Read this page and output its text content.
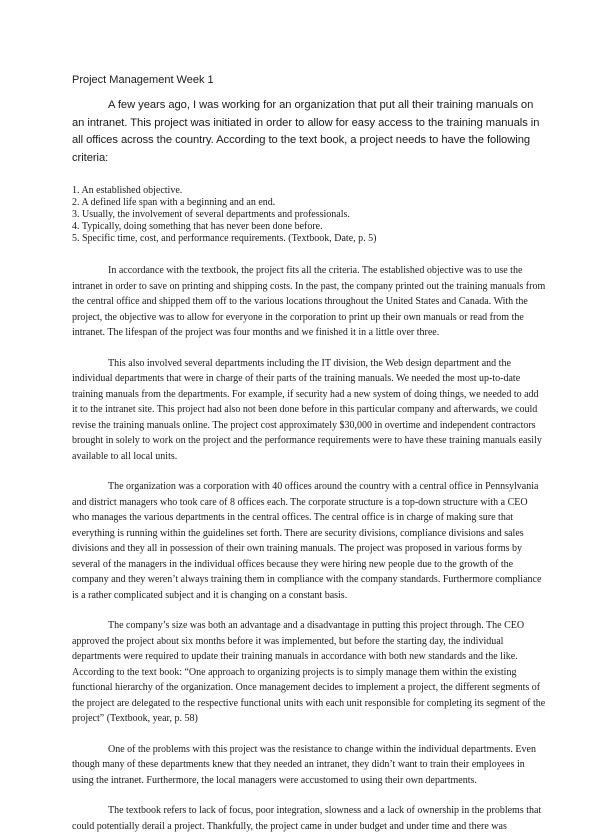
Project Management Week 1

A few years ago, I was working for an organization that put all their training manuals on an intranet. This project was initiated in order to allow for easy access to the training manuals in all offices across the country. According to the text book, a project needs to have the following criteria:

1. An established objective.
2. A defined life span with a beginning and an end.
3. Usually, the involvement of several departments and professionals.
4. Typically, doing something that has never been done before.
5. Specific time, cost, and performance requirements. (Textbook, Date, p. 5)

In accordance with the textbook, the project fits all the criteria. The established objective was to use the intranet in order to save on printing and shipping costs. In the past, the company printed out the training manuals from the central office and shipped them off to the various locations throughout the United States and Canada. With the project, the objective was to allow for everyone in the corporation to print up their own manuals or read from the intranet. The lifespan of the project was four months and we finished it in a little over three.

This also involved several departments including the IT division, the Web design department and the individual departments that were in charge of their parts of the training manuals. We needed the most up-to-date training manuals from the departments. For example, if security had a new system of doing things, we needed to add it to the intranet site. This project had also not been done before in this particular company and afterwards, we could revise the training manuals online. The project cost approximately $30,000 in overtime and independent contractors brought in solely to work on the project and the performance requirements were to have these training manuals easily available to all local units.

The organization was a corporation with 40 offices around the country with a central office in Pennsylvania and district managers who took care of 8 offices each. The corporate structure is a top-down structure with a CEO who manages the various departments in the central offices. The central office is in charge of making sure that everything is running within the guidelines set forth. There are security divisions, compliance divisions and sales divisions and they all in possession of their own training manuals. The project was proposed in various forms by several of the managers in the individual offices because they were hiring new people due to the growth of the company and they weren’t always training them in compliance with the company standards. Furthermore compliance is a rather complicated subject and it is changing on a constant basis.

The company’s size was both an advantage and a disadvantage in putting this project through. The CEO approved the project about six months before it was implemented, but before the starting day, the individual departments were required to update their training manuals in accordance with both new standards and the like. According to the text book: “One approach to organizing projects is to simply manage them within the existing functional hierarchy of the organization. Once management decides to implement a project, the different segments of the project are delegated to the respective functional units with each unit responsible for completing its segment of the project” (Textbook, year, p. 58)

One of the problems with this project was the resistance to change within the individual departments. Even though many of these departments knew that they needed an intranet, they didn’t want to train their employees in using the intranet. Furthermore, the local managers were accustomed to using their own departments.

The textbook refers to lack of focus, poor integration, slowness and a lack of ownership in the problems that could potentially derail a project. Thankfully, the project came in under budget and under time and there was
